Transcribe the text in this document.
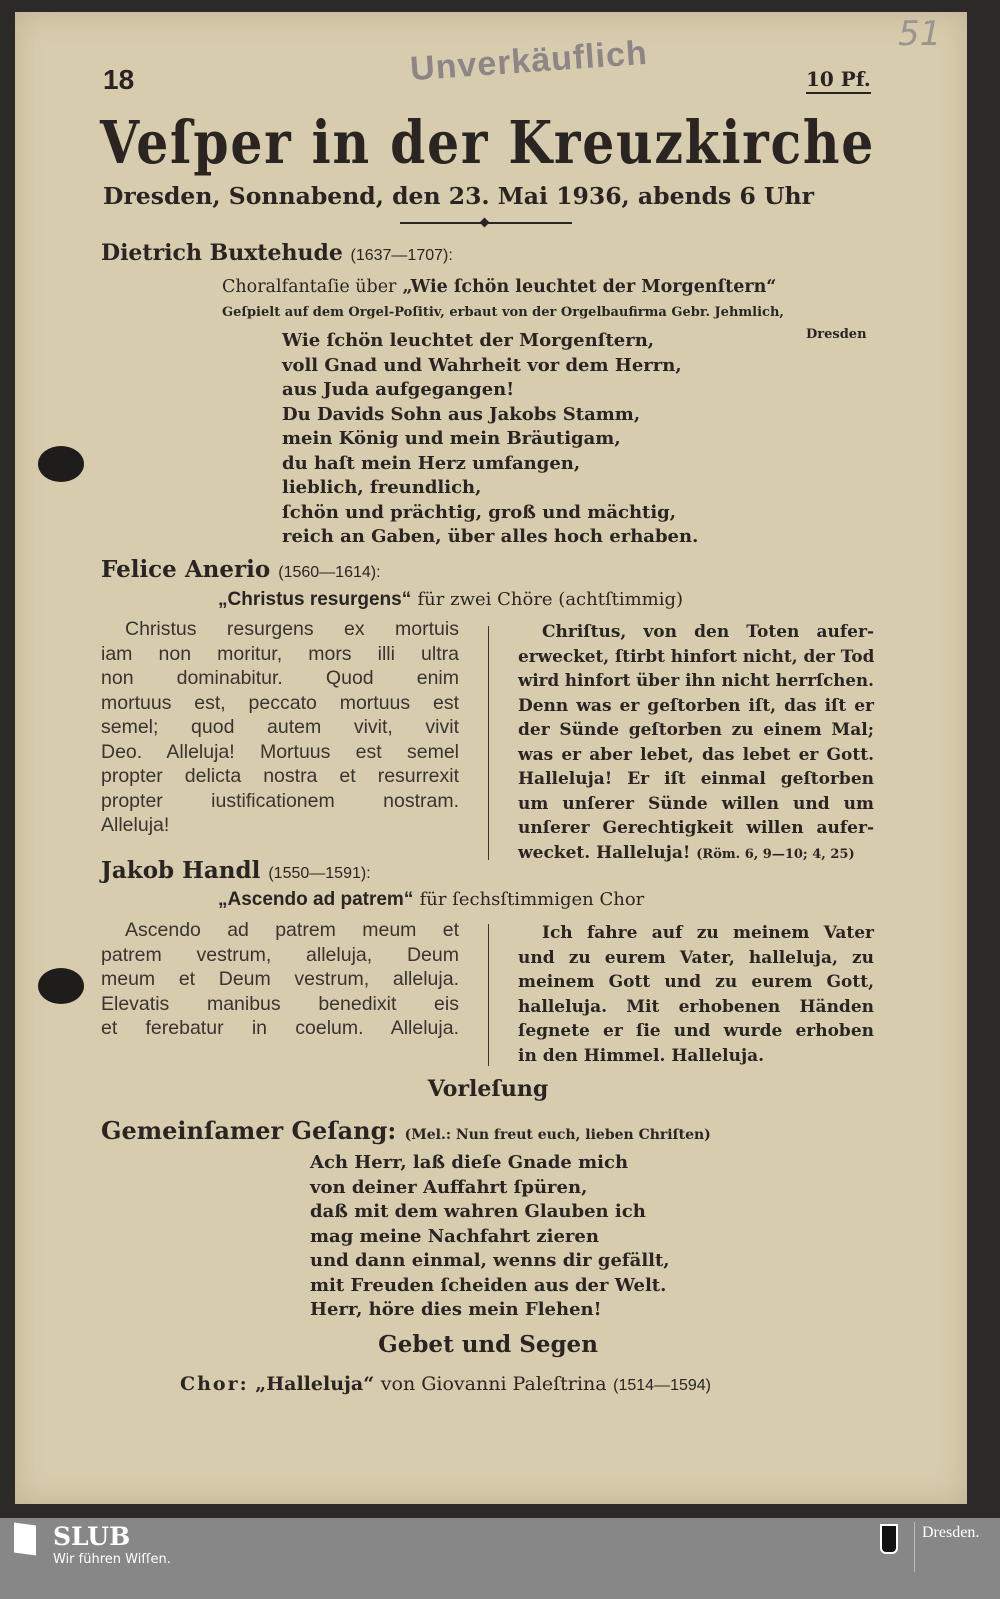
18	Unverkäuflich	51
10 Pf.
Veſper in der Kreuzkirche
Dresden, Sonnabend, den 23. Mai 1936, abends 6 Uhr
Dietrich Buxtehude (1637—1707):
Choralfantaſie über „Wie ſchön leuchtet der Morgenſtern“
Geſpielt auf dem Orgel-Poſitiv, erbaut von der Orgelbaufirma Gebr. Jehmlich,
Dresden
Wie ſchön leuchtet der Morgenſtern,
voll Gnad und Wahrheit vor dem Herrn,
aus Juda aufgegangen!
Du Davids Sohn aus Jakobs Stamm,
mein König und mein Bräutigam,
du haſt mein Herz umfangen,
lieblich, freundlich,
ſchön und prächtig, groß und mächtig,
reich an Gaben, über alles hoch erhaben.
Felice Anerio (1560—1614):
„Christus resurgens“ für zwei Chöre (achtſtimmig)
Christus resurgens ex mortuis
iam non moritur, mors illi ultra
non dominabitur. Quod enim
mortuus est, peccato mortuus est
semel; quod autem vivit, vivit
Deo. Alleluja! Mortuus est semel
propter delicta nostra et resurrexit
propter iustificationem nostram.
Alleluja!
Chriſtus, von den Toten aufer-
erwecket, ſtirbt hinfort nicht, der Tod
wird hinfort über ihn nicht herrſchen.
Denn was er geſtorben iſt, das iſt er
der Sünde geſtorben zu einem Mal;
was er aber lebet, das lebet er Gott.
Halleluja! Er iſt einmal geſtorben
um unſerer Sünde willen und um
unſerer Gerechtigkeit willen aufer-
wecket. Halleluja! (Röm. 6, 9—10; 4, 25)
Jakob Handl (1550—1591):
„Ascendo ad patrem“ für ſechsſtimmigen Chor
Ascendo ad patrem meum et
patrem vestrum, alleluja, Deum
meum et Deum vestrum, alleluja.
Elevatis manibus benedixit eis
et ferebatur in coelum. Alleluja.
Ich fahre auf zu meinem Vater
und zu eurem Vater, halleluja, zu
meinem Gott und zu eurem Gott,
halleluja. Mit erhobenen Händen
ſegnete er ſie und wurde erhoben
in den Himmel. Halleluja.
Vorleſung
Gemeinſamer Geſang: (Mel.: Nun freut euch, lieben Chriſten)
Ach Herr, laß dieſe Gnade mich
von deiner Auffahrt ſpüren,
daß mit dem wahren Glauben ich
mag meine Nachfahrt zieren
und dann einmal, wenns dir gefällt,
mit Freuden ſcheiden aus der Welt.
Herr, höre dies mein Flehen!
Gebet und Segen
Chor: „Halleluja“ von Giovanni Paleſtrina (1514—1594)
SLUB
Wir führen Wiſſen.
Dresden.
